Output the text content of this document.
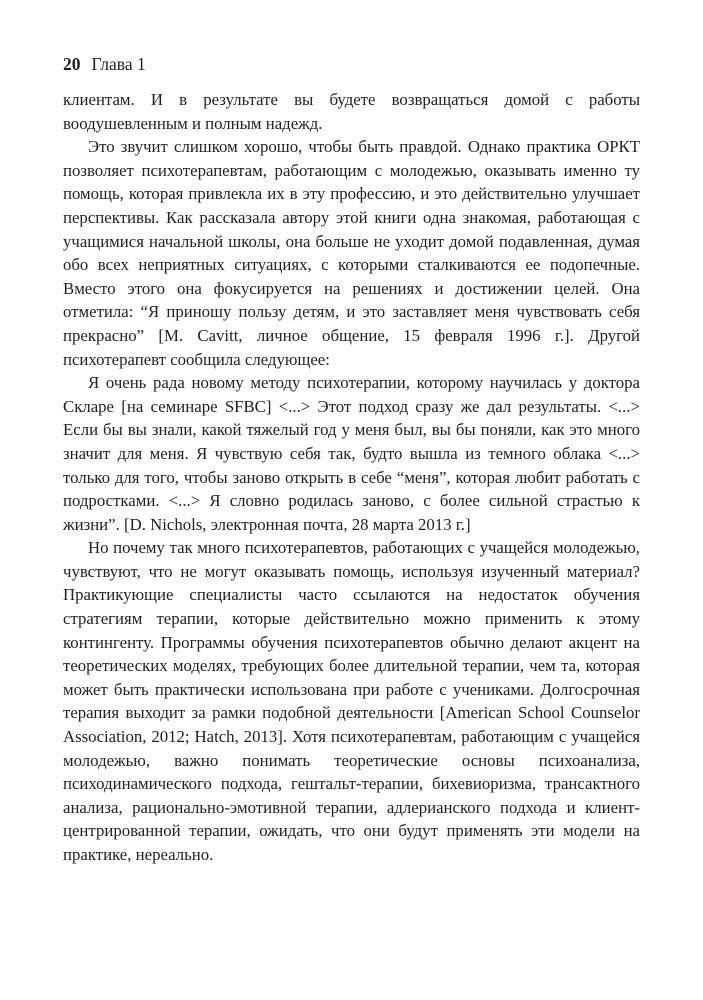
20 Глава 1

клиентам. И в результате вы будете возвращаться домой с работы воодушевленным и полным надежд.

Это звучит слишком хорошо, чтобы быть правдой. Однако практика ОРКТ позволяет психотерапевтам, работающим с молодежью, оказывать именно ту помощь, которая привлекла их в эту профессию, и это действительно улучшает перспективы. Как рассказала автору этой книги одна знакомая, работающая с учащимися начальной школы, она больше не уходит домой подавленная, думая обо всех неприятных ситуациях, с которыми сталкиваются ее подопечные. Вместо этого она фокусируется на решениях и достижении целей. Она отметила: “Я приношу пользу детям, и это заставляет меня чувствовать себя прекрасно” [M. Cavitt, личное общение, 15 февраля 1996 г.]. Другой психотерапевт сообщила следующее:

Я очень рада новому методу психотерапии, которому научилась у доктора Скларе [на семинаре SFBC] <...> Этот подход сразу же дал результаты. <...> Если бы вы знали, какой тяжелый год у меня был, вы бы поняли, как это много значит для меня. Я чувствую себя так, будто вышла из темного облака <...> только для того, чтобы заново открыть в себе “меня”, которая любит работать с подростками. <...> Я словно родилась заново, с более сильной страстью к жизни”. [D. Nichols, электронная почта, 28 марта 2013 г.]

Но почему так много психотерапевтов, работающих с учащейся молодежью, чувствуют, что не могут оказывать помощь, используя изученный материал? Практикующие специалисты часто ссылаются на недостаток обучения стратегиям терапии, которые действительно можно применить к этому контингенту. Программы обучения психотерапевтов обычно делают акцент на теоретических моделях, требующих более длительной терапии, чем та, которая может быть практически использована при работе с учениками. Долгосрочная терапия выходит за рамки подобной деятельности [American School Counselor Association, 2012; Hatch, 2013]. Хотя психотерапевтам, работающим с учащейся молодежью, важно понимать теоретические основы психоанализа, психодинамического подхода, гештальт-терапии, бихевиоризма, трансактного анализа, рационально-эмотивной терапии, адлерианского подхода и клиент-центрированной терапии, ожидать, что они будут применять эти модели на практике, нереально.
